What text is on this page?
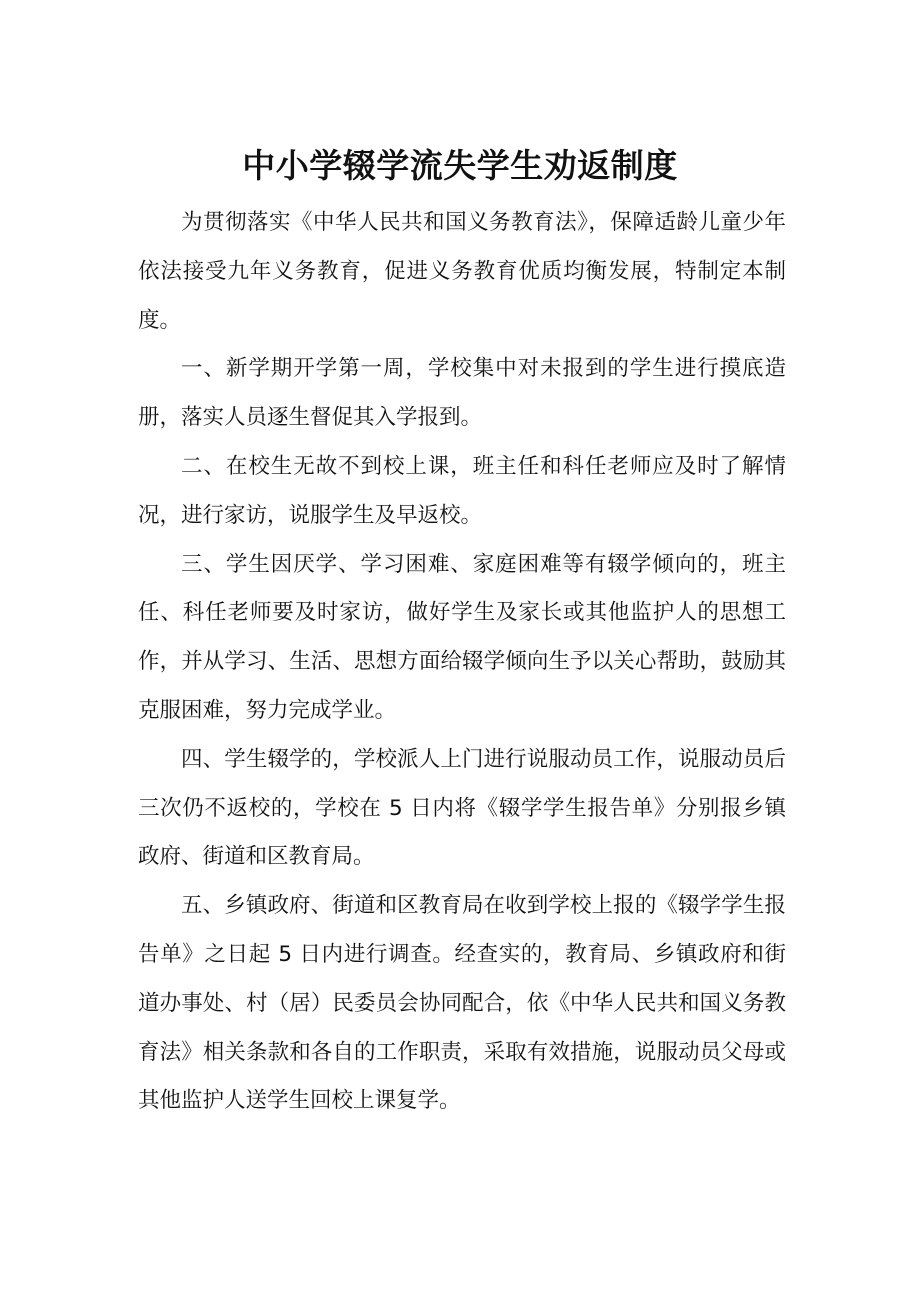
中小学辍学流失学生劝返制度

为贯彻落实《中华人民共和国义务教育法》，保障适龄儿童少年依法接受九年义务教育，促进义务教育优质均衡发展，特制定本制度。

一、新学期开学第一周，学校集中对未报到的学生进行摸底造册，落实人员逐生督促其入学报到。

二、在校生无故不到校上课，班主任和科任老师应及时了解情况，进行家访，说服学生及早返校。

三、学生因厌学、学习困难、家庭困难等有辍学倾向的，班主任、科任老师要及时家访，做好学生及家长或其他监护人的思想工作，并从学习、生活、思想方面给辍学倾向生予以关心帮助，鼓励其克服困难，努力完成学业。

四、学生辍学的，学校派人上门进行说服动员工作，说服动员后三次仍不返校的，学校在 5 日内将《辍学学生报告单》分别报乡镇政府、街道和区教育局。

五、乡镇政府、街道和区教育局在收到学校上报的《辍学学生报告单》之日起 5 日内进行调查。经查实的，教育局、乡镇政府和街道办事处、村（居）民委员会协同配合，依《中华人民共和国义务教育法》相关条款和各自的工作职责，采取有效措施，说服动员父母或其他监护人送学生回校上课复学。
